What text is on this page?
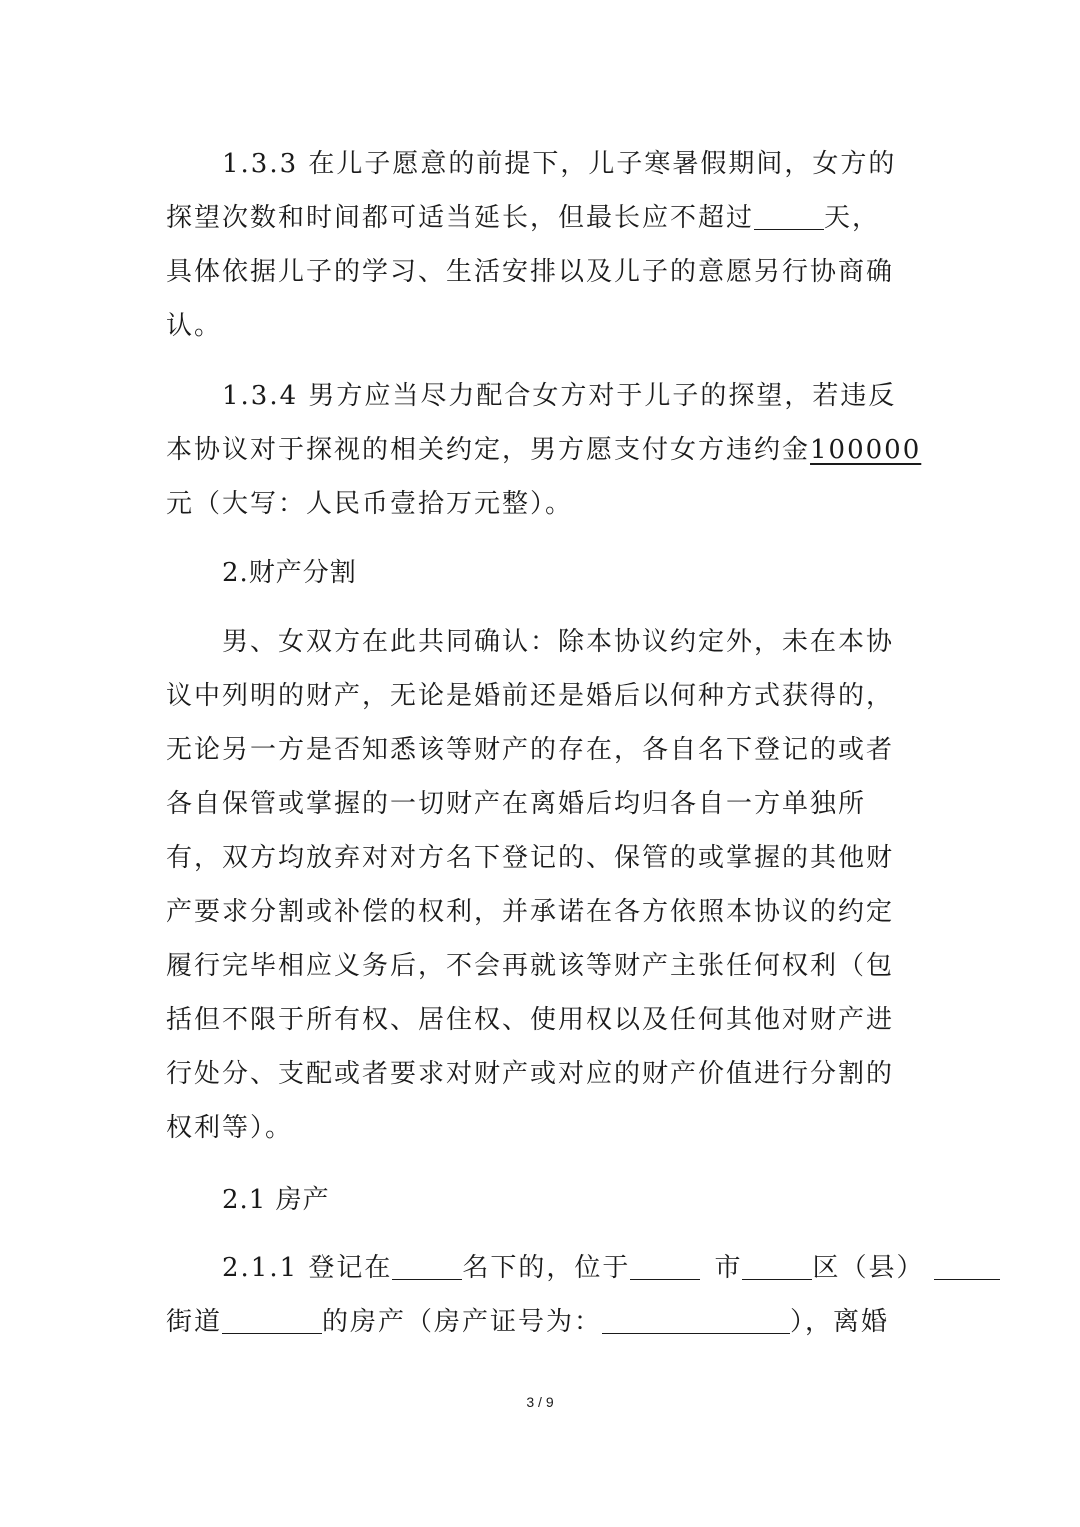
1.3.3 在儿子愿意的前提下，儿子寒暑假期间，女方的
探望次数和时间都可适当延长，但最长应不超过	天，
具体依据儿子的学习、生活安排以及儿子的意愿另行协商确
认。
1.3.4 男方应当尽力配合女方对于儿子的探望，若违反
本协议对于探视的相关约定，男方愿支付女方违约金100000
元（大写：人民币壹拾万元整）。
2.财产分割
男、女双方在此共同确认：除本协议约定外，未在本协
议中列明的财产，无论是婚前还是婚后以何种方式获得的，
无论另一方是否知悉该等财产的存在，各自名下登记的或者
各自保管或掌握的一切财产在离婚后均归各自一方单独所
有，双方均放弃对对方名下登记的、保管的或掌握的其他财
产要求分割或补偿的权利，并承诺在各方依照本协议的约定
履行完毕相应义务后，不会再就该等财产主张任何权利（包
括但不限于所有权、居住权、使用权以及任何其他对财产进
行处分、支配或者要求对财产或对应的财产价值进行分割的
权利等）。
2.1 房产
2.1.1 登记在	名下的，位于	市	区（县）
街道	的房产（房产证号为：	），离婚
3 / 9
